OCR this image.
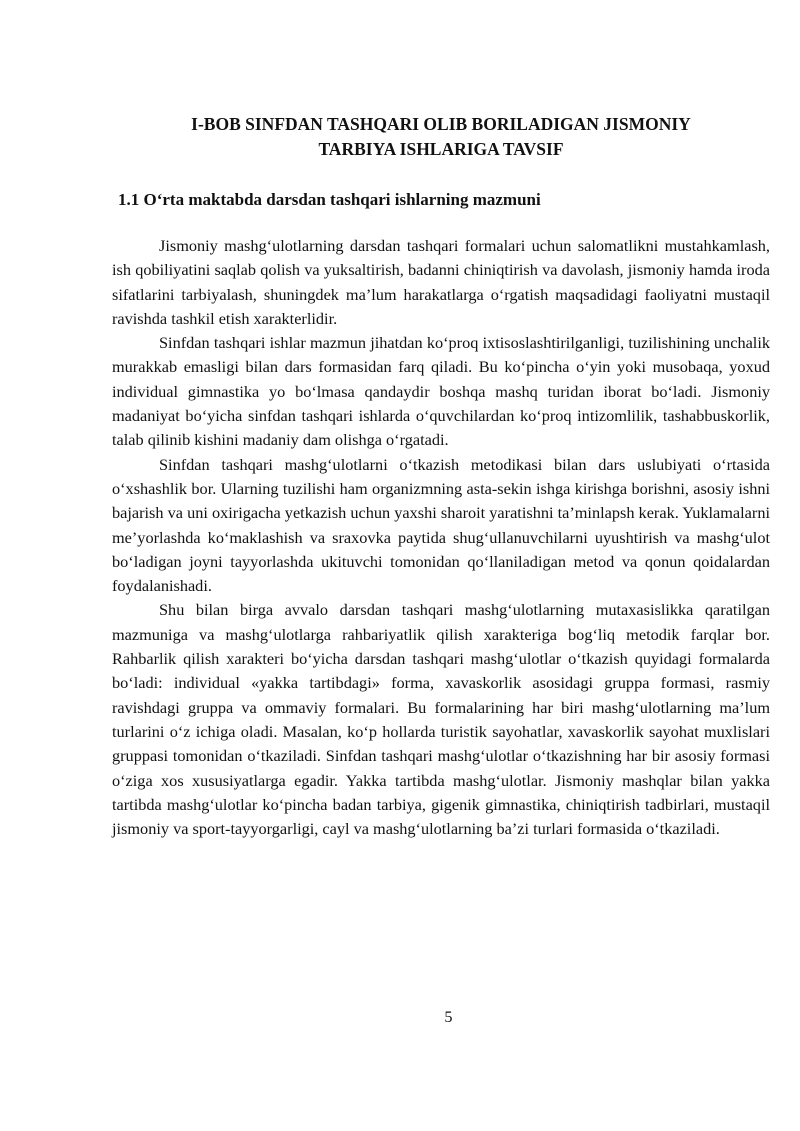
I-BOB SINFDAN TASHQARI OLIB BORILADIGAN JISMONIY TARBIYA ISHLARIGA TAVSIF
1.1 O‘rta maktabda darsdan tashqari ishlarning mazmuni

Jismoniy mashg‘ulotlarning darsdan tashqari formalari uchun salomatlikni mustahkamlash, ish qobiliyatini saqlab qolish va yuksaltirish, badanni chiniqtirish va davolash, jismoniy hamda iroda sifatlarini tarbiyalash, shuningdek ma’lum harakatlarga o‘rgatish maqsadidagi faoliyatni mustaqil ravishda tashkil etish xarakterlidir.

Sinfdan tashqari ishlar mazmun jihatdan ko‘proq ixtisoslashtirilganligi, tuzilishining unchalik murakkab emasligi bilan dars formasidan farq qiladi. Bu ko‘pincha o‘yin yoki musobaqa, yoxud individual gimnastika yo bo‘lmasa qandaydir boshqa mashq turidan iborat bo‘ladi. Jismoniy madaniyat bo‘yicha sinfdan tashqari ishlarda o‘quvchilardan ko‘proq intizomlilik, tashabbuskorlik, talab qilinib kishini madaniy dam olishga o‘rgatadi.

Sinfdan tashqari mashg‘ulotlarni o‘tkazish metodikasi bilan dars uslubiyati o‘rtasida o‘xshashlik bor. Ularning tuzilishi ham organizmning asta-sekin ishga kirishga borishni, asosiy ishni bajarish va uni oxirigacha yetkazish uchun yaxshi sharoit yaratishni ta’minlapsh kerak. Yuklamalarni me’yorlashda ko‘maklashish va sraxovka paytida shug‘ullanuvchilarni uyushtirish va mashg‘ulot bo‘ladigan joyni tayyorlashda ukituvchi tomonidan qo‘llaniladigan metod va qonun qoidalardan foydalanishadi.

Shu bilan birga avvalo darsdan tashqari mashg‘ulotlarning mutaxasislikka qaratilgan mazmuniga va mashg‘ulotlarga rahbariyatlik qilish xarakteriga bog‘liq metodik farqlar bor. Rahbarlik qilish xarakteri bo‘yicha darsdan tashqari mashg‘ulotlar o‘tkazish quyidagi formalarda bo‘ladi: individual «yakka tartibdagi» forma, xavaskorlik asosidagi gruppa formasi, rasmiy ravishdagi gruppa va ommaviy formalari. Bu formalarining har biri mashg‘ulotlarning ma’lum turlarini o‘z ichiga oladi. Masalan, ko‘p hollarda turistik sayohatlar, xavaskorlik sayohat muxlislari gruppasi tomonidan o‘tkaziladi. Sinfdan tashqari mashg‘ulotlar o‘tkazishning har bir asosiy formasi o‘ziga xos xususiyatlarga egadir. Yakka tartibda mashg‘ulotlar. Jismoniy mashqlar bilan yakka tartibda mashg‘ulotlar ko‘pincha badan tarbiya, gigenik gimnastika, chiniqtirish tadbirlari, mustaqil jismoniy va sport-tayyorgarligi, cayl va mashg‘ulotlarning ba’zi turlari formasida o‘tkaziladi.

5
